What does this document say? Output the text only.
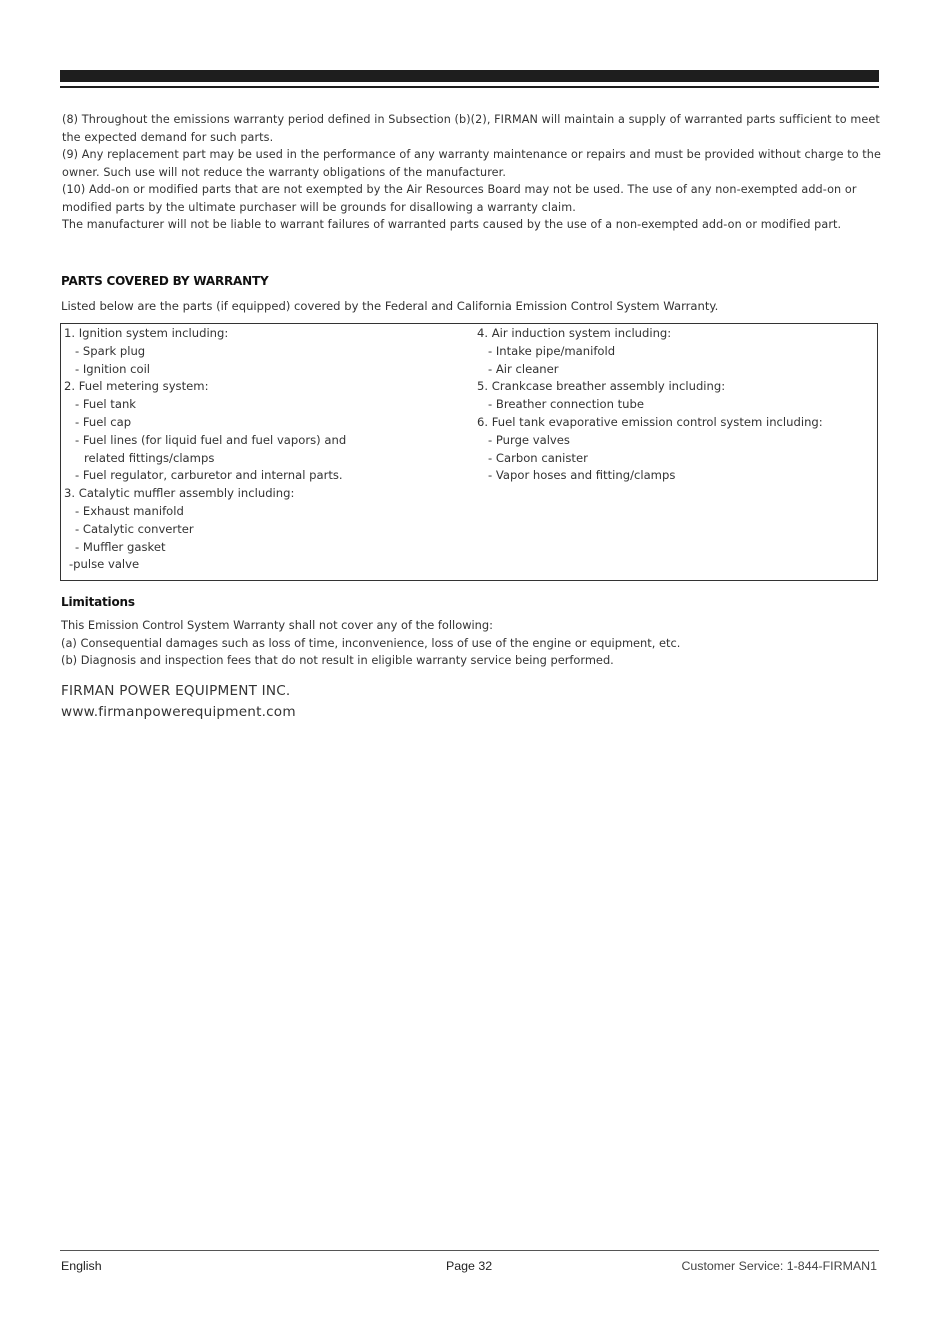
(8) Throughout the emissions warranty period defined in Subsection (b)(2), FIRMAN will maintain a supply of warranted parts sufficient to meet the expected demand for such parts.

(9) Any replacement part may be used in the performance of any warranty maintenance or repairs and must be provided without charge to the owner. Such use will not reduce the warranty obligations of the manufacturer.

(10) Add-on or modified parts that are not exempted by the Air Resources Board may not be used. The use of any non-exempted add-on or modified parts by the ultimate purchaser will be grounds for disallowing a warranty claim.

The manufacturer will not be liable to warrant failures of warranted parts caused by the use of a non-exempted add-on or modified part.

PARTS COVERED BY WARRANTY
Listed below are the parts (if equipped) covered by the Federal and California Emission Control System Warranty.
1. Ignition system including:
- Spark plug
- Ignition coil
2. Fuel metering system:
- Fuel tank
- Fuel cap
- Fuel lines (for liquid fuel and fuel vapors) and
related fittings/clamps
- Fuel regulator, carburetor and internal parts.
3. Catalytic muffler assembly including:
- Exhaust manifold
- Catalytic converter
- Muffler gasket
-pulse valve
4. Air induction system including:
- Intake pipe/manifold
- Air cleaner
5. Crankcase breather assembly including:
- Breather connection tube
6. Fuel tank evaporative emission control system including:
- Purge valves
- Carbon canister
- Vapor hoses and fitting/clamps
Limitations

This Emission Control System Warranty shall not cover any of the following:

(a) Consequential damages such as loss of time, inconvenience, loss of use of the engine or equipment, etc.

(b) Diagnosis and inspection fees that do not result in eligible warranty service being performed.

FIRMAN POWER EQUIPMENT INC.
www.firmanpowerequipment.com
English	Page 32	Customer Service: 1-844-FIRMAN1
